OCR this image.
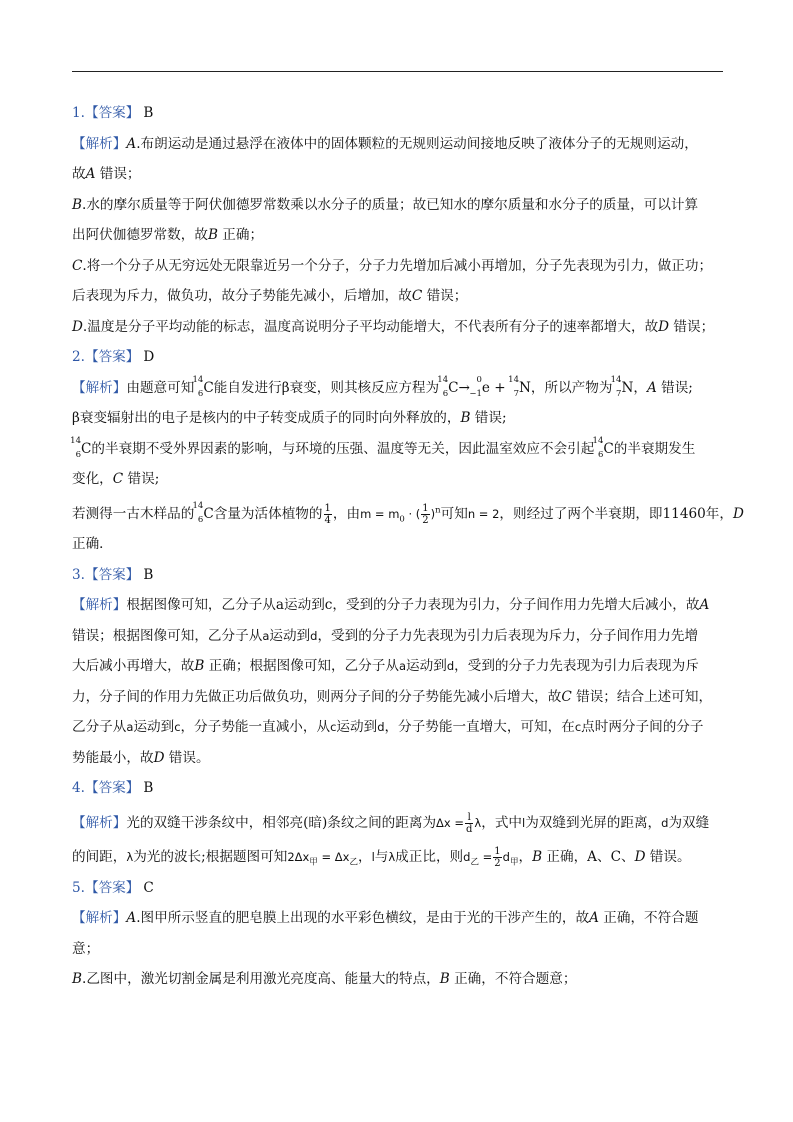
1.【答案】 B

【解析】A.布朗运动是通过悬浮在液体中的固体颗粒的无规则运动间接地反映了液体分子的无规则运动，

故A 错误；

B.水的摩尔质量等于阿伏伽德罗常数乘以水分子的质量；故已知水的摩尔质量和水分子的质量，可以计算

出阿伏伽德罗常数，故B 正确；

C.将一个分子从无穷远处无限靠近另一个分子，分子力先增加后减小再增加，分子先表现为引力，做正功；

后表现为斥力，做负功，故分子势能先减小，后增加，故C 错误；

D.温度是分子平均动能的标志，温度高说明分子平均动能增大，不代表所有分子的速率都增大，故D 错误；

2.【答案】 D

【解析】由题意可知
14
6 C能自发进行β衰变，则其核反应方程为
14
6 C→ 0
−1 e + 14
7 N，所以产物为
14
7 N，A 错误;

β衰变辐射出的电子是核内的中子转变成质子的同时向外释放的，B 错误;

14
6 C的半衰期不受外界因素的影响，与环境的压强、温度等无关，因此温室效应不会引起
14
6 C的半衰期发生

变化，C 错误;

若测得一古木样品的
14
6 C含量为活体植物的 $\frac{1}{4}$ ，由$m = m_0$ · ( $\frac{1}{2} )^n$可知n = 2，则经过了两个半衰期，即11460年，D

正确．

3.【答案】 B

【解析】根据图像可知，乙分子从a运动到c，受到的分子力表现为引力，分子间作用力先增大后减小，故A

错误；根据图像可知，乙分子从a运动到d，受到的分子力先表现为引力后表现为斥力，分子间作用力先增

大后减小再增大，故B 正确；根据图像可知，乙分子从a运动到d，受到的分子力先表现为引力后表现为斥

力，分子间的作用力先做正功后做负功，则两分子间的分子势能先减小后增大，故C 错误；结合上述可知，

乙分子从a运动到c，分子势能一直减小，从c运动到d，分子势能一直增大，可知，在c点时两分子间的分子

势能最小，故D 错误。

4.【答案】 B

【解析】光的双缝干涉条纹中，相邻亮(暗)条纹之间的距离为$\Delta x = \frac{l}{d}$ λ，式中l为双缝到光屏的距离，d为双缝

的间距，λ为光的波长;根据题图可知$2\Delta x_甲 = \Delta x_乙$，l与λ成正比，则$d_乙 = \frac{1}{2} d_甲$，B 正确，A、C、D 错误。

5.【答案】 C

【解析】A.图甲所示竖直的肥皂膜上出现的水平彩色横纹，是由于光的干涉产生的，故A 正确，不符合题

意；

B.乙图中，激光切割金属是利用激光亮度高、能量大的特点，B 正确，不符合题意；
